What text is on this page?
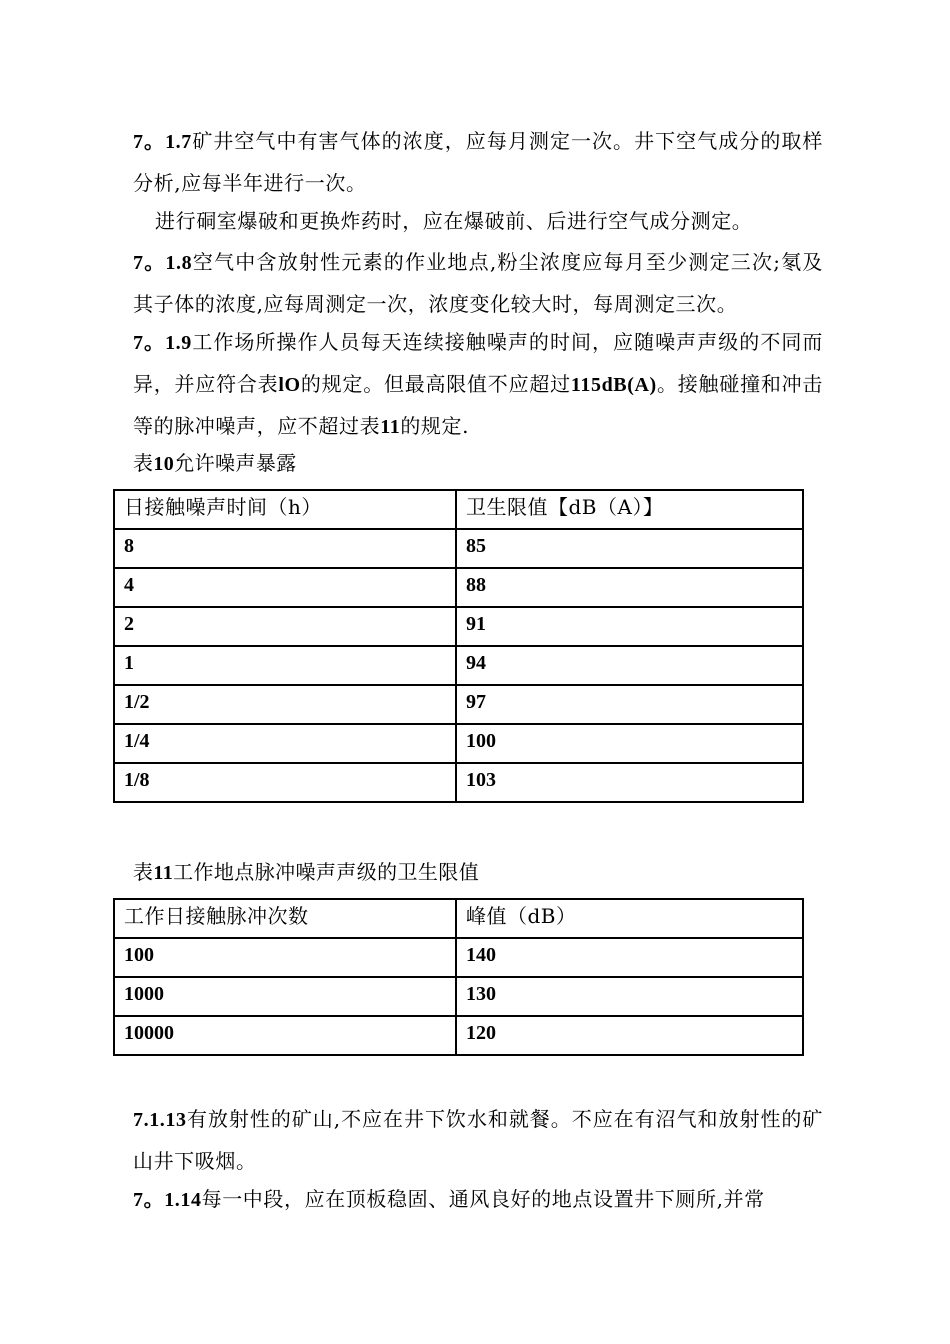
7。1.7矿井空气中有害气体的浓度，应每月测定一次。井下空气成分的取样分析,应每半年进行一次。

进行硐室爆破和更换炸药时，应在爆破前、后进行空气成分测定。

7。1.8空气中含放射性元素的作业地点,粉尘浓度应每月至少测定三次;氡及其子体的浓度,应每周测定一次，浓度变化较大时，每周测定三次。

7。1.9工作场所操作人员每天连续接触噪声的时间，应随噪声声级的不同而异，并应符合表lO的规定。但最高限值不应超过115dB(A)。接触碰撞和冲击等的脉冲噪声，应不超过表11的规定.

表10允许噪声暴露
日接触噪声时间（h）	卫生限值【dB（A）】
8	85
4	88
2	91
1	94
1/2	97
1/4	100
1/8	103
表11工作地点脉冲噪声声级的卫生限值
工作日接触脉冲次数	峰值（dB）
100	140
1000	130
10000	120

7.1.13有放射性的矿山,不应在井下饮水和就餐。不应在有沼气和放射性的矿山井下吸烟。

7。1.14每一中段，应在顶板稳固、通风良好的地点设置井下厕所,并常
